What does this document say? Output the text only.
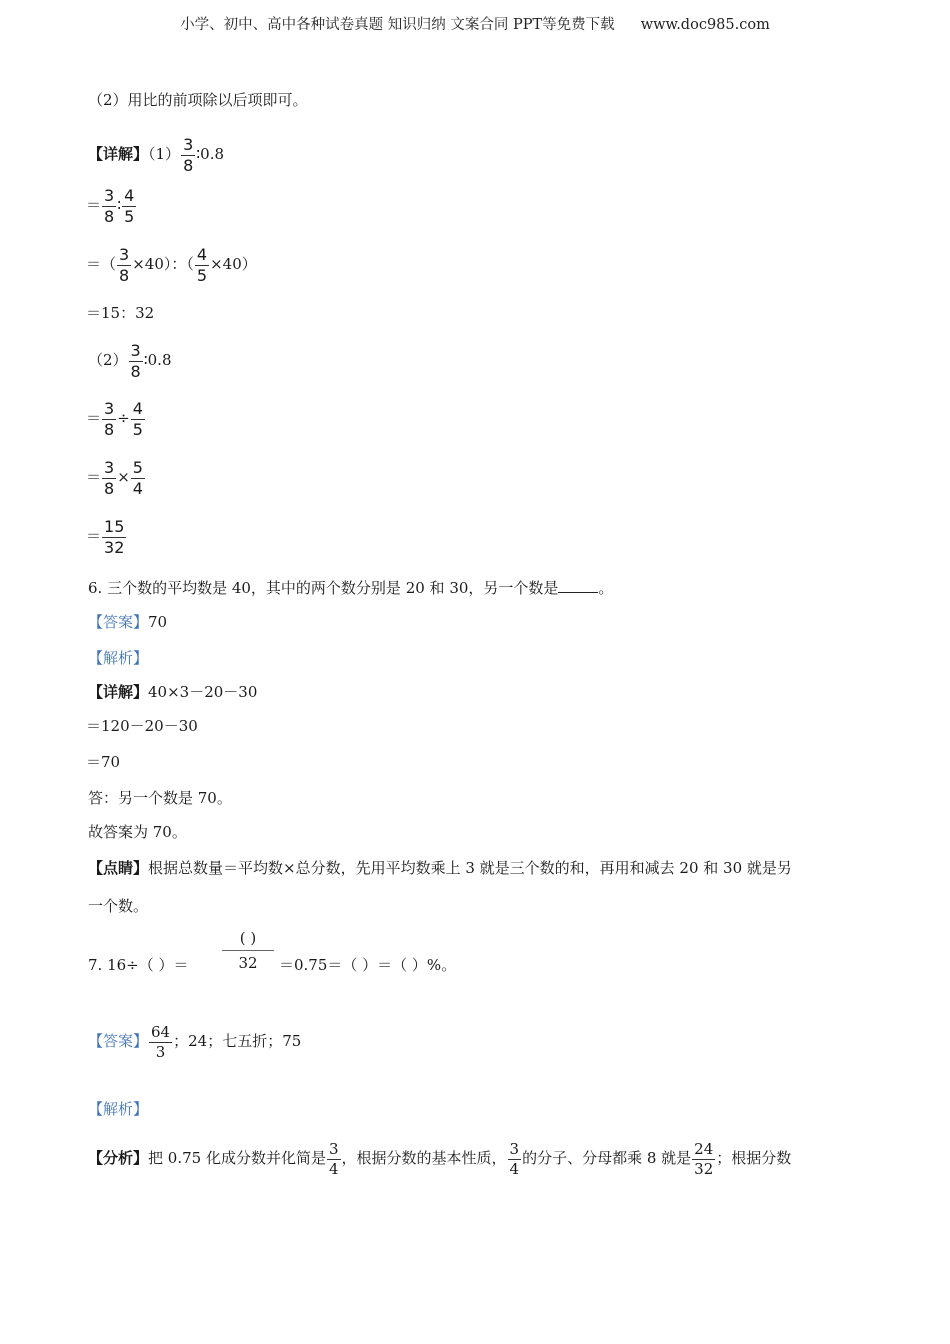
小学、初中、高中各种试卷真题 知识归纳 文案合同 PPT等免费下载 www.doc985.com
（2）用比的前项除以后项即可。
【详解】$(1) \frac{3}{8}$ ∶0.8
＝ $\frac{3}{8}$ ∶ $\frac{4}{5}$
＝（ $\frac{3}{8} \times 40$）：（ $\frac{4}{5} \times 40$）
＝15：32
$(2) \frac{3}{8}$ ∶0.8
＝ $\frac{3}{8} \div \frac{4}{5}$
＝ $\frac{3}{8} \times \frac{5}{4}$
＝ $\frac{15}{32}$
6. 三个数的平均数是 40，其中的两个数分别是 20 和 30，另一个数是	。
【答案】70
【解析】
【详解】40×3－20－30
＝120－20－30
＝70
答：另一个数是 70。
故答案为 70。
【点睛】根据总数量＝平均数×总分数，先用平均数乘上 3 就是三个数的和，再用和减去 20 和 30 就是另
一个数。
7. 16÷（ ）＝
( )
32	＝0.75＝（ ）＝（ ）%。
【答案】 $\frac{64}{3}$ ；24；七五折；75
【解析】
【分析】把 0.75 化成分数并化简是 $\frac{3}{4}$ ，根据分数的基本性质， $\frac{3}{4}$ 的分子、分母都乘 8 就是 $\frac{24}{32}$ ；根据分数
